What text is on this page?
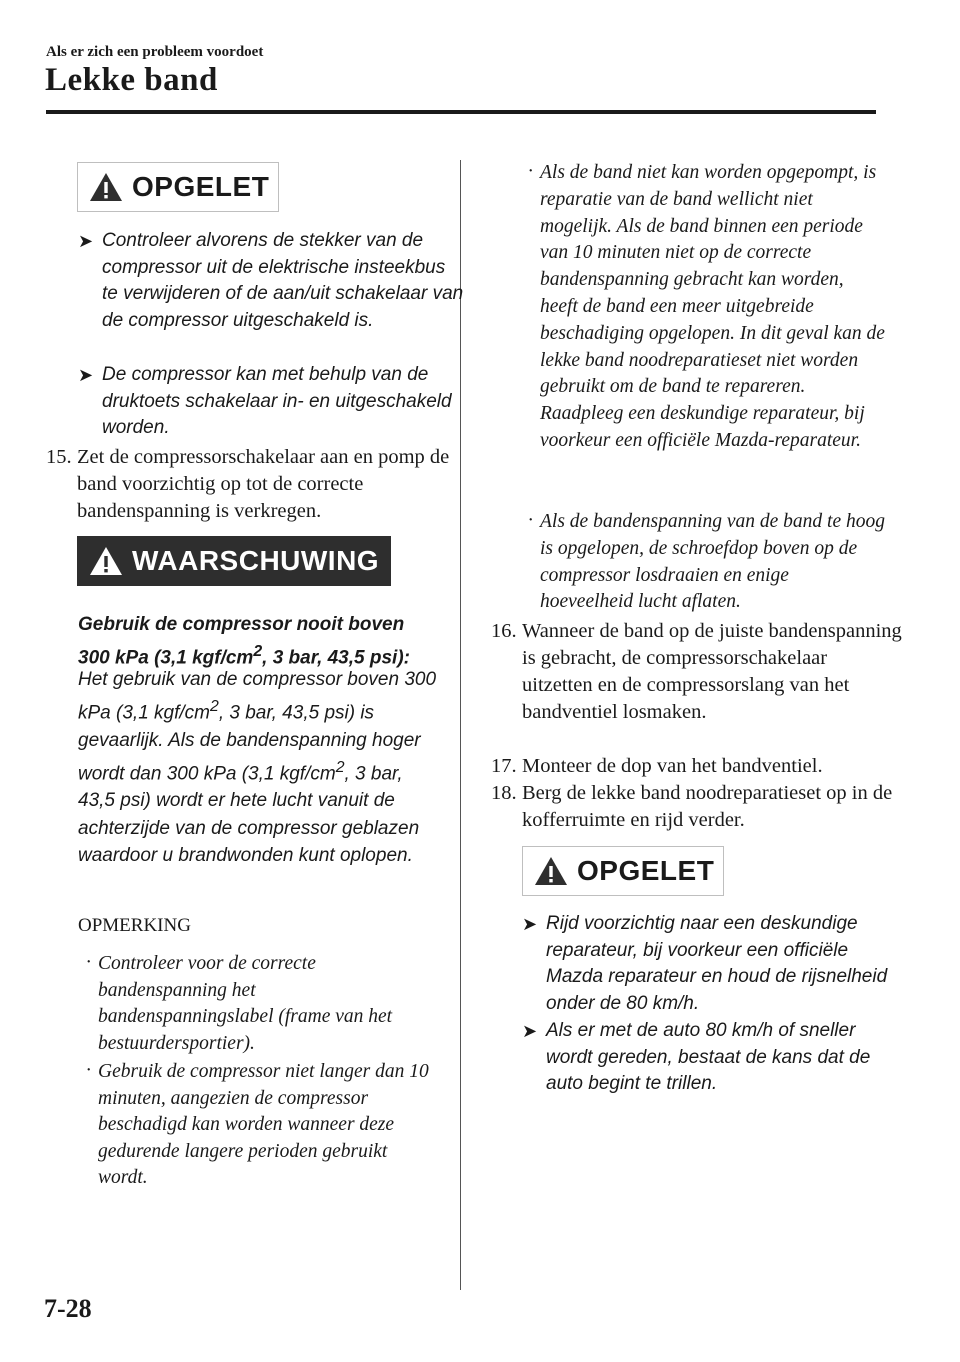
Als er zich een probleem voordoet
Lekke band
OPGELET
➤ Controleer alvorens de stekker van de compressor uit de elektrische insteekbus te verwijderen of de aan/uit schakelaar van de compressor uitgeschakeld is.
➤ De compressor kan met behulp van de druktoets schakelaar in- en uitgeschakeld worden.
15. Zet de compressorschakelaar aan en pomp de band voorzichtig op tot de correcte bandenspanning is verkregen.
WAARSCHUWING
Gebruik de compressor nooit boven 300 kPa (3,1 kgf/$cm^2$, 3 bar, 43,5 psi):
Het gebruik van de compressor boven 300 kPa (3,1 kgf/$cm^2$, 3 bar, 43,5 psi) is gevaarlijk. Als de bandenspanning hoger wordt dan 300 kPa (3,1 kgf/$cm^2$, 3 bar, 43,5 psi) wordt er hete lucht vanuit de achterzijde van de compressor geblazen waardoor u brandwonden kunt oplopen.
OPMERKING
· Controleer voor de correcte bandenspanning het bandenspanningslabel (frame van het bestuurdersportier).
· Gebruik de compressor niet langer dan 10 minuten, aangezien de compressor beschadigd kan worden wanneer deze gedurende langere perioden gebruikt wordt.
· Als de band niet kan worden opgepompt, is reparatie van de band wellicht niet mogelijk. Als de band binnen een periode van 10 minuten niet op de correcte bandenspanning gebracht kan worden, heeft de band een meer uitgebreide beschadiging opgelopen. In dit geval kan de lekke band noodreparatieset niet worden gebruikt om de band te repareren. Raadpleeg een deskundige reparateur, bij voorkeur een officiële Mazda-reparateur.
· Als de bandenspanning van de band te hoog is opgelopen, de schroefdop boven op de compressor losdraaien en enige hoeveelheid lucht aflaten.
16. Wanneer de band op de juiste bandenspanning is gebracht, de compressorschakelaar uitzetten en de compressorslang van het bandventiel losmaken.
17. Monteer de dop van het bandventiel.
18. Berg de lekke band noodreparatieset op in de kofferruimte en rijd verder.
OPGELET
➤ Rijd voorzichtig naar een deskundige reparateur, bij voorkeur een officiële Mazda reparateur en houd de rijsnelheid onder de 80 km/h.
➤ Als er met de auto 80 km/h of sneller wordt gereden, bestaat de kans dat de auto begint te trillen.
7-28
